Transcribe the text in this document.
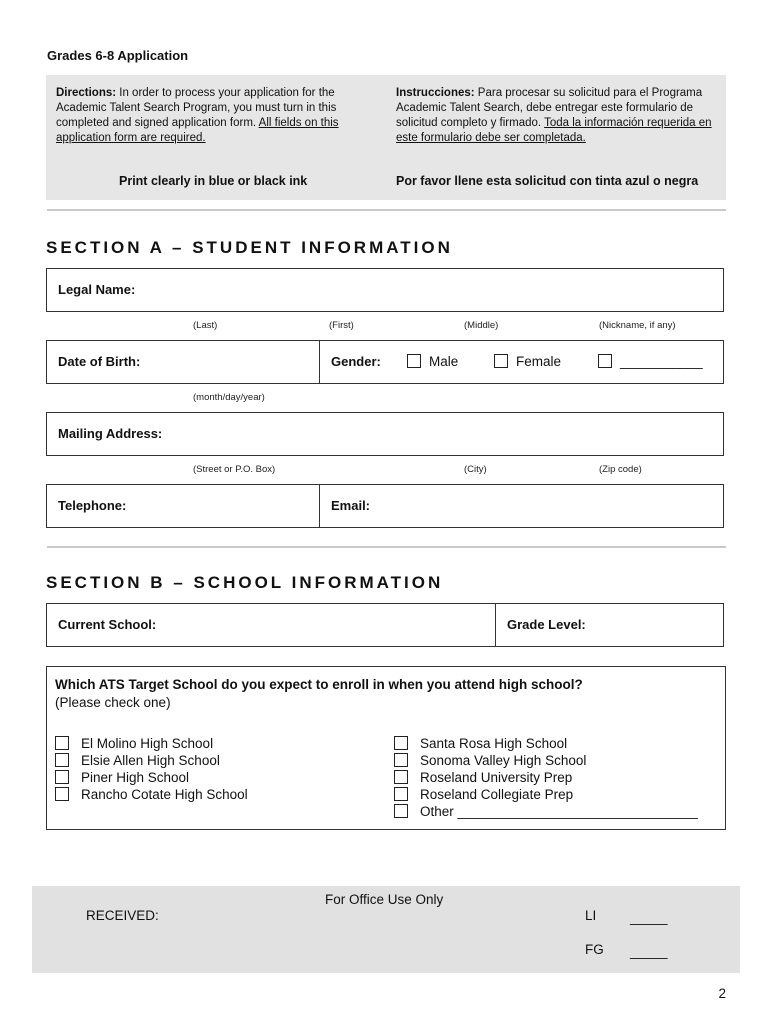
Grades 6-8 Application
Directions: In order to process your application for the Academic Talent Search Program, you must turn in this completed and signed application form. All fields on this application form are required.
Instrucciones: Para procesar su solicitud para el Programa Academic Talent Search, debe entregar este formulario de solicitud completo y firmado. Toda la información requerida en este formulario debe ser completada.
Print clearly in blue or black ink	Por favor llene esta solicitud con tinta azul o negra
SECTION A – STUDENT INFORMATION
Legal Name:
(Last)	(First)	(Middle)	(Nickname, if any)
Date of Birth:	Gender:	Male	Female	___________
(month/day/year)
Mailing Address:
(Street or P.O. Box)	(City)	(Zip code)
Telephone:	Email:
SECTION B – SCHOOL INFORMATION
Current School:	Grade Level:
Which ATS Target School do you expect to enroll in when you attend high school?
(Please check one)
El Molino High School
Elsie Allen High School
Piner High School
Rancho Cotate High School
Santa Rosa High School
Sonoma Valley High School
Roseland University Prep
Roseland Collegiate Prep
Other ________________________________
For Office Use Only
RECEIVED:	LI _____
FG _____
2
